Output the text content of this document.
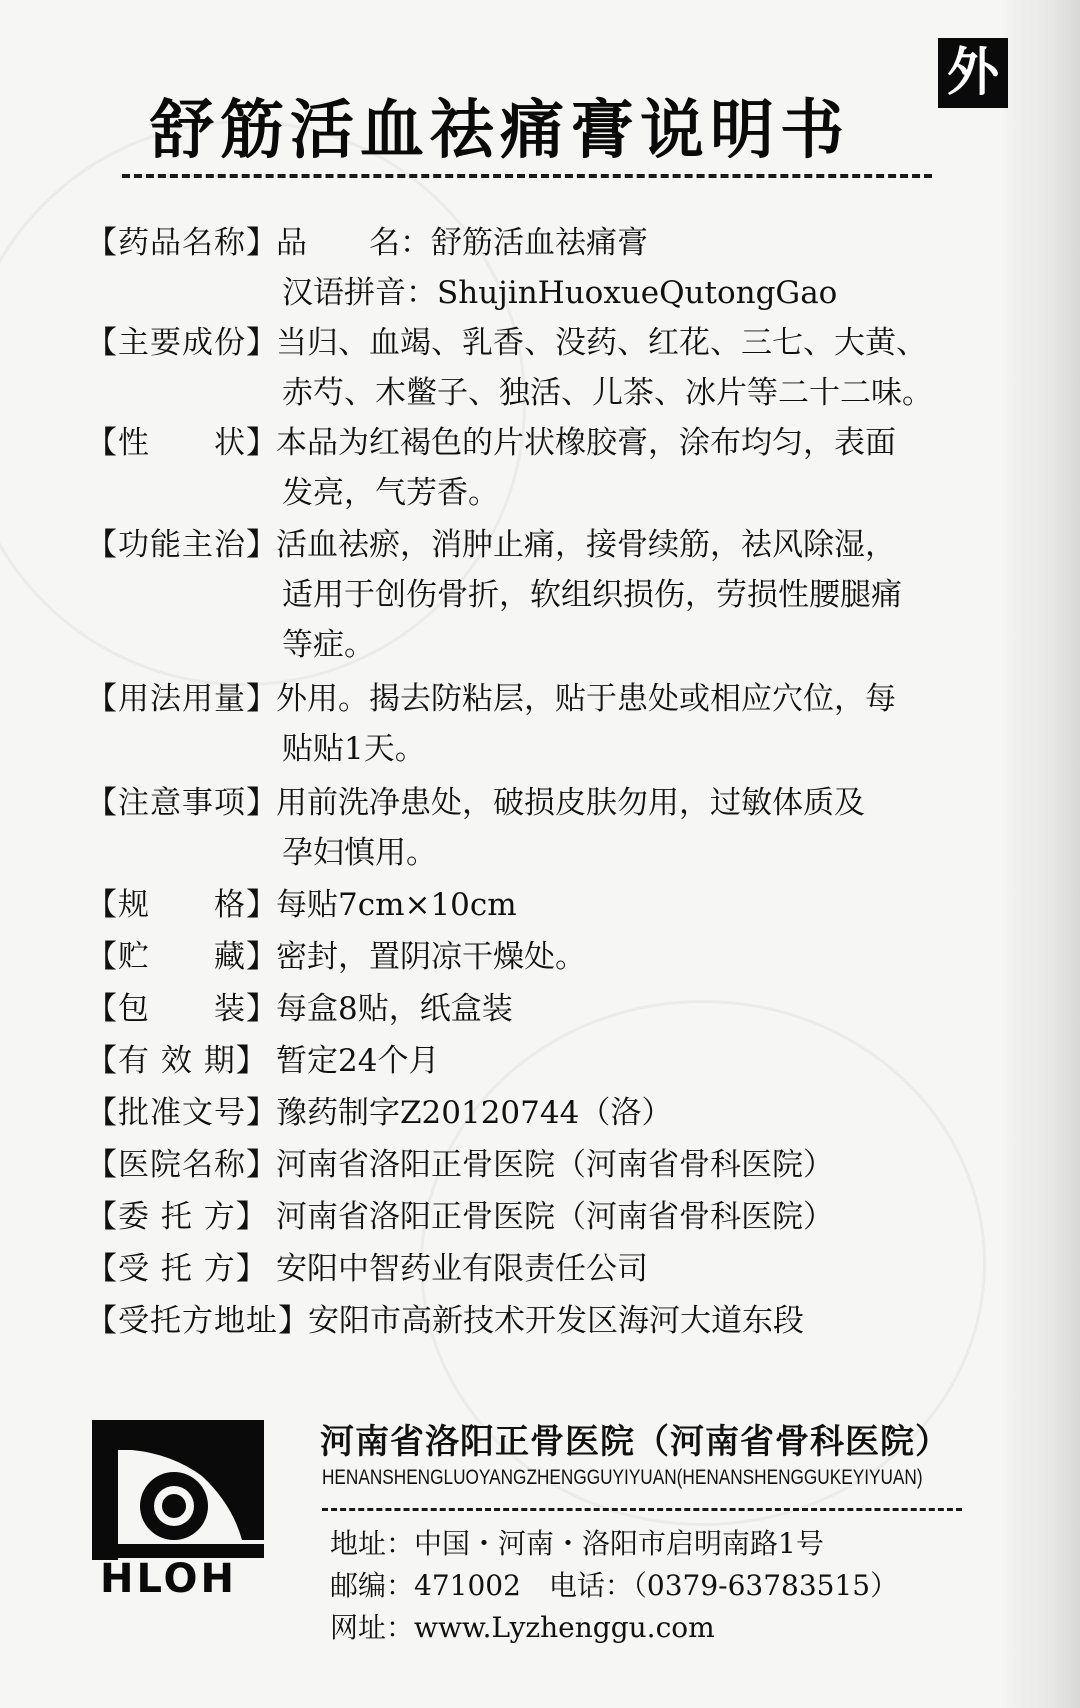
外
舒筋活血祛痛膏说明书
【药品名称】品　　名：舒筋活血祛痛膏
汉语拼音：ShujinHuoxueQutongGao
【主要成份】当归、血竭、乳香、没药、红花、三七、大黄、
赤芍、木鳖子、独活、儿茶、冰片等二十二味。
【性　　状】本品为红褐色的片状橡胶膏，涂布均匀，表面
发亮，气芳香。
【功能主治】活血祛瘀，消肿止痛，接骨续筋，祛风除湿，
适用于创伤骨折，软组织损伤，劳损性腰腿痛
等症。
【用法用量】外用。揭去防粘层，贴于患处或相应穴位，每
贴贴1天。
【注意事项】用前洗净患处，破损皮肤勿用，过敏体质及
孕妇慎用。
【规　　格】每贴7cm×10cm
【贮　　藏】密封，置阴凉干燥处。
【包　　装】每盒8贴，纸盒装
【有 效 期】 暂定24个月
【批准文号】豫药制字Z20120744（洛）
【医院名称】河南省洛阳正骨医院（河南省骨科医院）
【委 托 方】 河南省洛阳正骨医院（河南省骨科医院）
【受 托 方】 安阳中智药业有限责任公司
【受托方地址】安阳市高新技术开发区海河大道东段
HLOH
河南省洛阳正骨医院（河南省骨科医院）
HENANSHENGLUOYANGZHENGGUYIYUAN(HENANSHENGGUKEYIYUAN)
地址：中国・河南・洛阳市启明南路1号
邮编：471002　电话：（0379-63783515）
网址：www.Lyzhenggu.com
